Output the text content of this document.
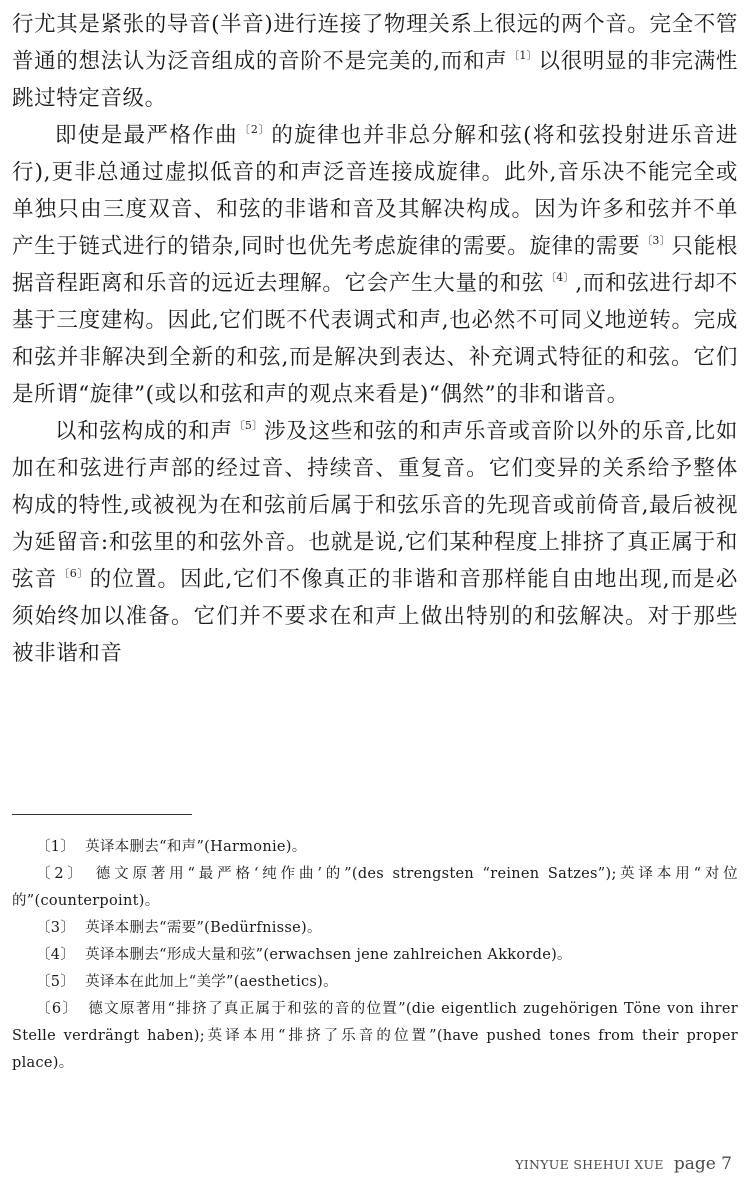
行尤其是紧张的导音(半音)进行连接了物理关系上很远的两个音。完全不管普通的想法认为泛音组成的音阶不是完美的,而和声$^{〔1〕}$以很明显的非完满性跳过特定音级。

即使是最严格作曲$^{〔2〕}$的旋律也并非总分解和弦(将和弦投射进乐音进行),更非总通过虚拟低音的和声泛音连接成旋律。此外,音乐决不能完全或单独只由三度双音、和弦的非谐和音及其解决构成。因为许多和弦并不单产生于链式进行的错杂,同时也优先考虑旋律的需要。旋律的需要$^{〔3〕}$只能根据音程距离和乐音的远近去理解。它会产生大量的和弦$^{〔4〕}$,而和弦进行却不基于三度建构。因此,它们既不代表调式和声,也必然不可同义地逆转。完成和弦并非解决到全新的和弦,而是解决到表达、补充调式特征的和弦。它们是所谓“旋律”(或以和弦和声的观点来看是)“偶然”的非和谐音。

以和弦构成的和声$^{〔5〕}$涉及这些和弦的和声乐音或音阶以外的乐音,比如加在和弦进行声部的经过音、持续音、重复音。它们变异的关系给予整体构成的特性,或被视为在和弦前后属于和弦乐音的先现音或前倚音,最后被视为延留音:和弦里的和弦外音。也就是说,它们某种程度上排挤了真正属于和弦音$^{〔6〕}$的位置。因此,它们不像真正的非谐和音那样能自由地出现,而是必须始终加以准备。它们并不要求在和声上做出特别的和弦解决。对于那些被非谐和音

〔1〕 英译本删去“和声”(Harmonie)。

〔2〕 德文原著用“最严格‘纯作曲’的”(des strengsten “reinen Satzes”);英译本用“对位的”(counterpoint)。

〔3〕 英译本删去“需要”(Bedürfnisse)。

〔4〕 英译本删去“形成大量和弦”(erwachsen jene zahlreichen Akkorde)。

〔5〕 英译本在此加上“美学”(aesthetics)。

〔6〕 德文原著用“排挤了真正属于和弦的音的位置”(die eigentlich zugehörigen Töne von ihrer Stelle verdrängt haben);英译本用“排挤了乐音的位置”(have pushed tones from their proper place)。

YINYUE SHEHUI XUE page 7
